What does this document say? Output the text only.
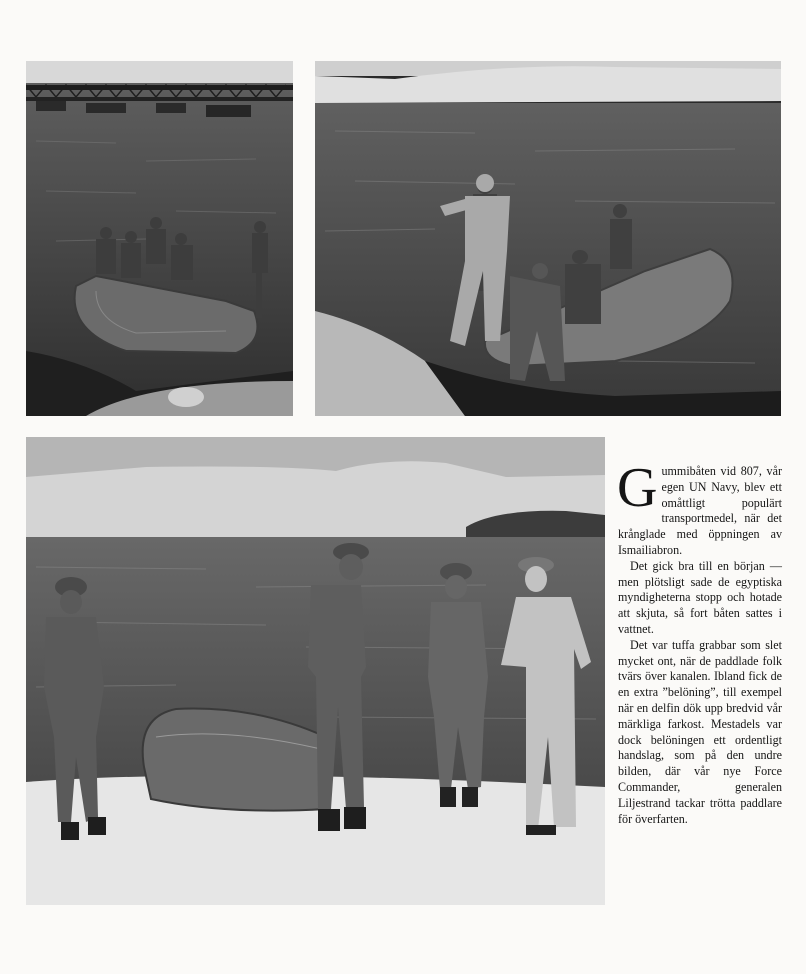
Gummibåten vid 807, vår egen UN Navy, blev ett omåttligt populärt transportmedel, när det krånglade med öppningen av Ismailiabron.

Det gick bra till en början — men plötsligt sade de egyptiska myndigheterna stopp och hotade att skjuta, så fort båten sattes i vattnet.

Det var tuffa grabbar som slet mycket ont, när de paddlade folk tvärs över kanalen. Ibland fick de en extra ”belöning”, till exempel när en delfin dök upp bredvid vår märkliga farkost. Mestadels var dock belöningen ett ordentligt handslag, som på den undre bilden, där vår nye Force Commander, generalen Liljestrand tackar trötta paddlare för överfarten.
